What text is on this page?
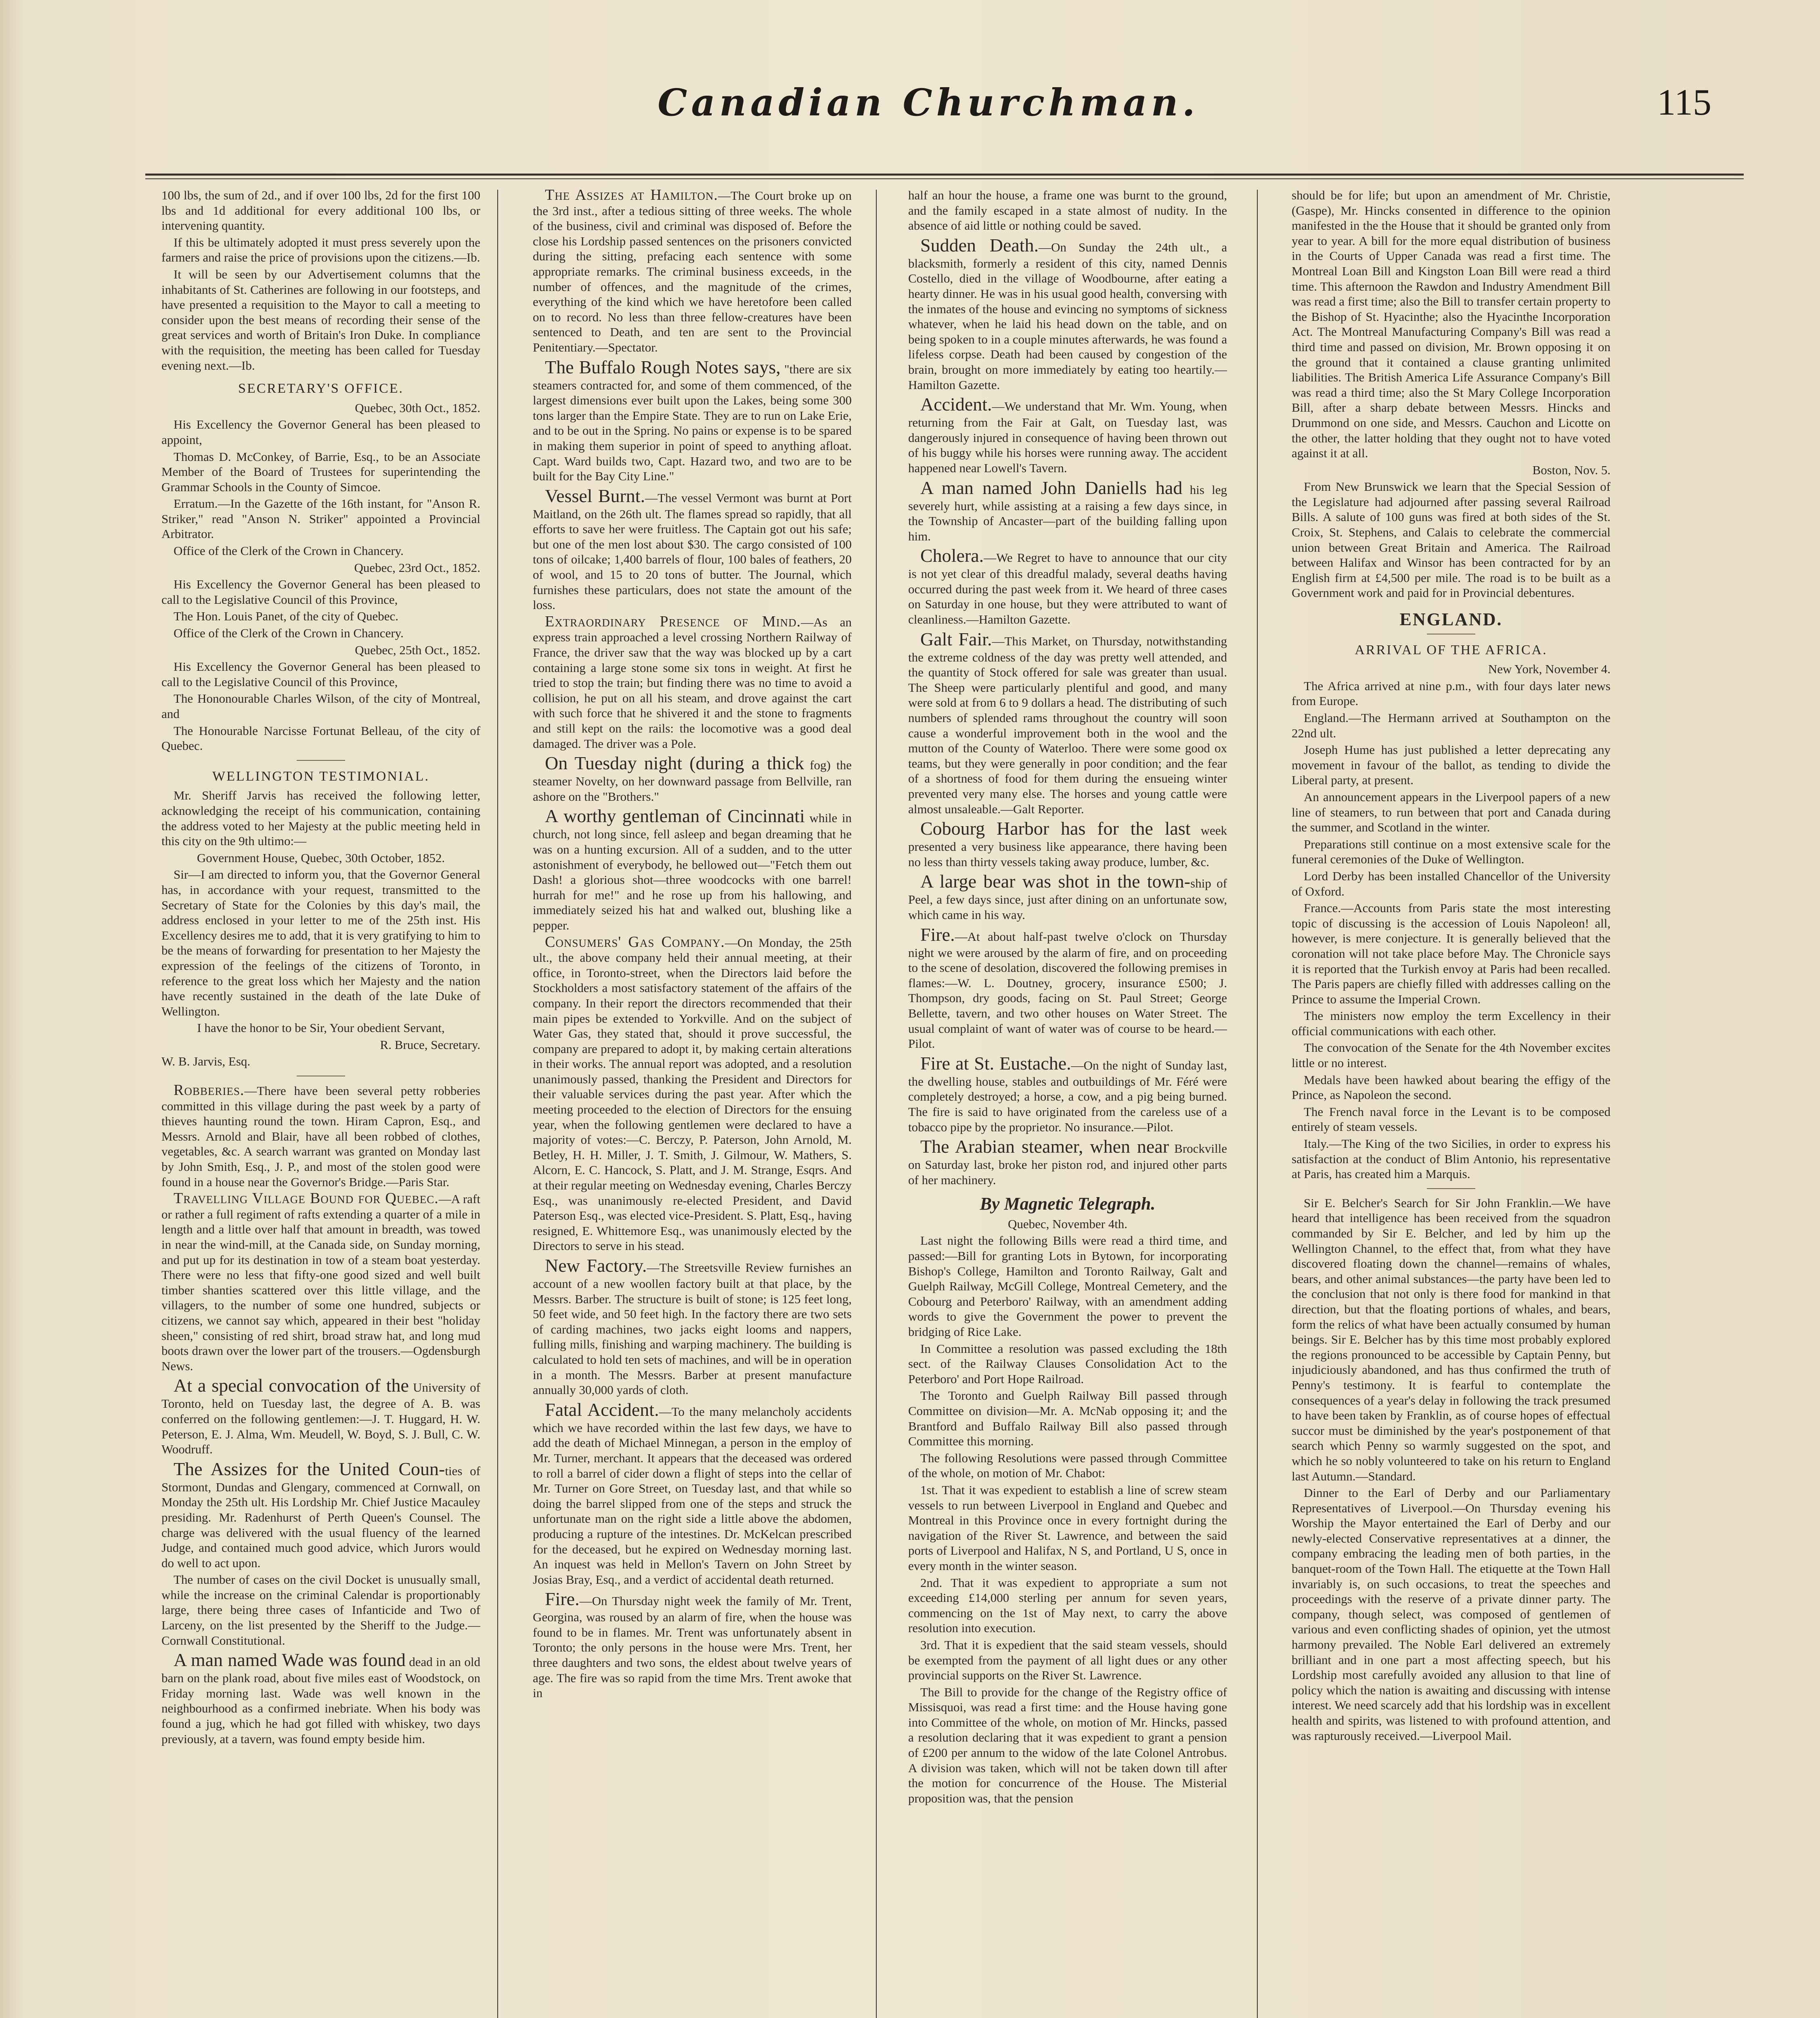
Canadian Churchman.	115

100 lbs, the sum of 2d., and if over 100 lbs, 2d for the first 100 lbs and 1d additional for every additional 100 lbs, or intervening quantity.

If this be ultimately adopted it must press severely upon the farmers and raise the price of provisions upon the citizens.—Ib.

It will be seen by our Advertisement columns that the inhabitants of St. Catherines are following in our footsteps, and have presented a requisition to the Mayor to call a meeting to consider upon the best means of recording their sense of the great services and worth of Britain's Iron Duke. In compliance with the requisition, the meeting has been called for Tuesday evening next.—Ib.

SECRETARY'S OFFICE.

Quebec, 30th Oct., 1852.

His Excellency the Governor General has been pleased to appoint,

Thomas D. McConkey, of Barrie, Esq., to be an Associate Member of the Board of Trustees for superintending the Grammar Schools in the County of Simcoe.

Erratum.—In the Gazette of the 16th instant, for "Anson R. Striker," read "Anson N. Striker" appointed a Provincial Arbitrator.

Office of the Clerk of the Crown in Chancery.

Quebec, 23rd Oct., 1852.

His Excellency the Governor General has been pleased to call to the Legislative Council of this Province,

The Hon. Louis Panet, of the city of Quebec.

Office of the Clerk of the Crown in Chancery.

Quebec, 25th Oct., 1852.

His Excellency the Governor General has been pleased to call to the Legislative Council of this Province,

The Hononourable Charles Wilson, of the city of Montreal, and

The Honourable Narcisse Fortunat Belleau, of the city of Quebec.

WELLINGTON TESTIMONIAL.

Mr. Sheriff Jarvis has received the following letter, acknowledging the receipt of his communication, containing the address voted to her Majesty at the public meeting held in this city on the 9th ultimo:—

Government House, Quebec, 30th October, 1852.

Sir—I am directed to inform you, that the Governor General has, in accordance with your request, transmitted to the Secretary of State for the Colonies by this day's mail, the address enclosed in your letter to me of the 25th inst. His Excellency desires me to add, that it is very gratifying to him to be the means of forwarding for presentation to her Majesty the expression of the feelings of the citizens of Toronto, in reference to the great loss which her Majesty and the nation have recently sustained in the death of the late Duke of Wellington.

I have the honor to be Sir, Your obedient Servant,

R. Bruce, Secretary.

W. B. Jarvis, Esq.

Robberies.—There have been several petty robberies committed in this village during the past week by a party of thieves haunting round the town. Hiram Capron, Esq., and Messrs. Arnold and Blair, have all been robbed of clothes, vegetables, &c. A search warrant was granted on Monday last by John Smith, Esq., J. P., and most of the stolen good were found in a house near the Governor's Bridge.—Paris Star.

Travelling Village Bound for Quebec.—A raft or rather a full regiment of rafts extending a quarter of a mile in length and a little over half that amount in breadth, was towed in near the wind-mill, at the Canada side, on Sunday morning, and put up for its destination in tow of a steam boat yesterday. There were no less that fifty-one good sized and well built timber shanties scattered over this little village, and the villagers, to the number of some one hundred, subjects or citizens, we cannot say which, appeared in their best "holiday sheen," consisting of red shirt, broad straw hat, and long mud boots drawn over the lower part of the trousers.—Ogdensburgh News.

At a special convocation of the University of Toronto, held on Tuesday last, the degree of A. B. was conferred on the following gentlemen:—J. T. Huggard, H. W. Peterson, E. J. Alma, Wm. Meudell, W. Boyd, S. J. Bull, C. W. Woodruff.

The Assizes for the United Coun-ties of Stormont, Dundas and Glengary, commenced at Cornwall, on Monday the 25th ult. His Lordship Mr. Chief Justice Macauley presiding. Mr. Radenhurst of Perth Queen's Counsel. The charge was delivered with the usual fluency of the learned Judge, and contained much good advice, which Jurors would do well to act upon.

The number of cases on the civil Docket is unusually small, while the increase on the criminal Calendar is proportionably large, there being three cases of Infanticide and Two of Larceny, on the list presented by the Sheriff to the Judge.—Cornwall Constitutional.

A man named Wade was found dead in an old barn on the plank road, about five miles east of Woodstock, on Friday morning last. Wade was well known in the neighbourhood as a confirmed inebriate. When his body was found a jug, which he had got filled with whiskey, two days previously, at a tavern, was found empty beside him.

The Assizes at Hamilton.—The Court broke up on the 3rd inst., after a tedious sitting of three weeks. The whole of the business, civil and criminal was disposed of. Before the close his Lordship passed sentences on the prisoners convicted during the sitting, prefacing each sentence with some appropriate remarks. The criminal business exceeds, in the number of offences, and the magnitude of the crimes, everything of the kind which we have heretofore been called on to record. No less than three fellow-creatures have been sentenced to Death, and ten are sent to the Provincial Penitentiary.—Spectator.

The Buffalo Rough Notes says, "there are six steamers contracted for, and some of them commenced, of the largest dimensions ever built upon the Lakes, being some 300 tons larger than the Empire State. They are to run on Lake Erie, and to be out in the Spring. No pains or expense is to be spared in making them superior in point of speed to anything afloat. Capt. Ward builds two, Capt. Hazard two, and two are to be built for the Bay City Line."

Vessel Burnt.—The vessel Vermont was burnt at Port Maitland, on the 26th ult. The flames spread so rapidly, that all efforts to save her were fruitless. The Captain got out his safe; but one of the men lost about $30. The cargo consisted of 100 tons of oilcake; 1,400 barrels of flour, 100 bales of feathers, 20 of wool, and 15 to 20 tons of butter. The Journal, which furnishes these particulars, does not state the amount of the loss.

Extraordinary Presence of Mind.—As an express train approached a level crossing Northern Railway of France, the driver saw that the way was blocked up by a cart containing a large stone some six tons in weight. At first he tried to stop the train; but finding there was no time to avoid a collision, he put on all his steam, and drove against the cart with such force that he shivered it and the stone to fragments and still kept on the rails: the locomotive was a good deal damaged. The driver was a Pole.

On Tuesday night (during a thick fog) the steamer Novelty, on her downward passage from Bellville, ran ashore on the "Brothers."

A worthy gentleman of Cincinnati while in church, not long since, fell asleep and began dreaming that he was on a hunting excursion. All of a sudden, and to the utter astonishment of everybody, he bellowed out—"Fetch them out Dash! a glorious shot—three woodcocks with one barrel! hurrah for me!" and he rose up from his hallowing, and immediately seized his hat and walked out, blushing like a pepper.

Consumers' Gas Company.—On Monday, the 25th ult., the above company held their annual meeting, at their office, in Toronto-street, when the Directors laid before the Stockholders a most satisfactory statement of the affairs of the company. In their report the directors recommended that their main pipes be extended to Yorkville. And on the subject of Water Gas, they stated that, should it prove successful, the company are prepared to adopt it, by making certain alterations in their works. The annual report was adopted, and a resolution unanimously passed, thanking the President and Directors for their valuable services during the past year. After which the meeting proceeded to the election of Directors for the ensuing year, when the following gentlemen were declared to have a majority of votes:—C. Berczy, P. Paterson, John Arnold, M. Betley, H. H. Miller, J. T. Smith, J. Gilmour, W. Mathers, S. Alcorn, E. C. Hancock, S. Platt, and J. M. Strange, Esqrs. And at their regular meeting on Wednesday evening, Charles Berczy Esq., was unanimously re-elected President, and David Paterson Esq., was elected vice-President. S. Platt, Esq., having resigned, E. Whittemore Esq., was unanimously elected by the Directors to serve in his stead.

New Factory.—The Streetsville Review furnishes an account of a new woollen factory built at that place, by the Messrs. Barber. The structure is built of stone; is 125 feet long, 50 feet wide, and 50 feet high. In the factory there are two sets of carding machines, two jacks eight looms and nappers, fulling mills, finishing and warping machinery. The building is calculated to hold ten sets of machines, and will be in operation in a month. The Messrs. Barber at present manufacture annually 30,000 yards of cloth.

Fatal Accident.—To the many melancholy accidents which we have recorded within the last few days, we have to add the death of Michael Minnegan, a person in the employ of Mr. Turner, merchant. It appears that the deceased was ordered to roll a barrel of cider down a flight of steps into the cellar of Mr. Turner on Gore Street, on Tuesday last, and that while so doing the barrel slipped from one of the steps and struck the unfortunate man on the right side a little above the abdomen, producing a rupture of the intestines. Dr. McKelcan prescribed for the deceased, but he expired on Wednesday morning last. An inquest was held in Mellon's Tavern on John Street by Josias Bray, Esq., and a verdict of accidental death returned.

Fire.—On Thursday night week the family of Mr. Trent, Georgina, was roused by an alarm of fire, when the house was found to be in flames. Mr. Trent was unfortunately absent in Toronto; the only persons in the house were Mrs. Trent, her three daughters and two sons, the eldest about twelve years of age. The fire was so rapid from the time Mrs. Trent awoke that in

half an hour the house, a frame one was burnt to the ground, and the family escaped in a state almost of nudity. In the absence of aid little or nothing could be saved.

Sudden Death.—On Sunday the 24th ult., a blacksmith, formerly a resident of this city, named Dennis Costello, died in the village of Woodbourne, after eating a hearty dinner. He was in his usual good health, conversing with the inmates of the house and evincing no symptoms of sickness whatever, when he laid his head down on the table, and on being spoken to in a couple minutes afterwards, he was found a lifeless corpse. Death had been caused by congestion of the brain, brought on more immediately by eating too heartily.—Hamilton Gazette.

Accident.—We understand that Mr. Wm. Young, when returning from the Fair at Galt, on Tuesday last, was dangerously injured in consequence of having been thrown out of his buggy while his horses were running away. The accident happened near Lowell's Tavern.

A man named John Daniells had his leg severely hurt, while assisting at a raising a few days since, in the Township of Ancaster—part of the building falling upon him.

Cholera.—We Regret to have to announce that our city is not yet clear of this dreadful malady, several deaths having occurred during the past week from it. We heard of three cases on Saturday in one house, but they were attributed to want of cleanliness.—Hamilton Gazette.

Galt Fair.—This Market, on Thursday, notwithstanding the extreme coldness of the day was pretty well attended, and the quantity of Stock offered for sale was greater than usual. The Sheep were particularly plentiful and good, and many were sold at from 6 to 9 dollars a head. The distributing of such numbers of splended rams throughout the country will soon cause a wonderful improvement both in the wool and the mutton of the County of Waterloo. There were some good ox teams, but they were generally in poor condition; and the fear of a shortness of food for them during the ensueing winter prevented very many else. The horses and young cattle were almost unsaleable.—Galt Reporter.

Cobourg Harbor has for the last week presented a very business like appearance, there having been no less than thirty vessels taking away produce, lumber, &c.

A large bear was shot in the town-ship of Peel, a few days since, just after dining on an unfortunate sow, which came in his way.

Fire.—At about half-past twelve o'clock on Thursday night we were aroused by the alarm of fire, and on proceeding to the scene of desolation, discovered the following premises in flames:—W. L. Doutney, grocery, insurance £500; J. Thompson, dry goods, facing on St. Paul Street; George Bellette, tavern, and two other houses on Water Street. The usual complaint of want of water was of course to be heard.—Pilot.

Fire at St. Eustache.—On the night of Sunday last, the dwelling house, stables and outbuildings of Mr. Féré were completely destroyed; a horse, a cow, and a pig being burned. The fire is said to have originated from the careless use of a tobacco pipe by the proprietor. No insurance.—Pilot.

The Arabian steamer, when near Brockville on Saturday last, broke her piston rod, and injured other parts of her machinery.

By Magnetic Telegraph.

Quebec, November 4th.

Last night the following Bills were read a third time, and passed:—Bill for granting Lots in Bytown, for incorporating Bishop's College, Hamilton and Toronto Railway, Galt and Guelph Railway, McGill College, Montreal Cemetery, and the Cobourg and Peterboro' Railway, with an amendment adding words to give the Government the power to prevent the bridging of Rice Lake.

In Committee a resolution was passed excluding the 18th sect. of the Railway Clauses Consolidation Act to the Peterboro' and Port Hope Railroad.

The Toronto and Guelph Railway Bill passed through Committee on division—Mr. A. McNab opposing it; and the Brantford and Buffalo Railway Bill also passed through Committee this morning.

The following Resolutions were passed through Committee of the whole, on motion of Mr. Chabot:

1st. That it was expedient to establish a line of screw steam vessels to run between Liverpool in England and Quebec and Montreal in this Province once in every fortnight during the navigation of the River St. Lawrence, and between the said ports of Liverpool and Halifax, N S, and Portland, U S, once in every month in the winter season.

2nd. That it was expedient to appropriate a sum not exceeding £14,000 sterling per annum for seven years, commencing on the 1st of May next, to carry the above resolution into execution.

3rd. That it is expedient that the said steam vessels, should be exempted from the payment of all light dues or any other provincial supports on the River St. Lawrence.

The Bill to provide for the change of the Registry office of Missisquoi, was read a first time: and the House having gone into Committee of the whole, on motion of Mr. Hincks, passed a resolution declaring that it was expedient to grant a pension of £200 per annum to the widow of the late Colonel Antrobus. A division was taken, which will not be taken down till after the motion for concurrence of the House. The Misterial proposition was, that the pension

should be for life; but upon an amendment of Mr. Christie, (Gaspe), Mr. Hincks consented in difference to the opinion manifested in the the House that it should be granted only from year to year. A bill for the more equal distribution of business in the Courts of Upper Canada was read a first time. The Montreal Loan Bill and Kingston Loan Bill were read a third time. This afternoon the Rawdon and Industry Amendment Bill was read a first time; also the Bill to transfer certain property to the Bishop of St. Hyacinthe; also the Hyacinthe Incorporation Act. The Montreal Manufacturing Company's Bill was read a third time and passed on division, Mr. Brown opposing it on the ground that it contained a clause granting unlimited liabilities. The British America Life Assurance Company's Bill was read a third time; also the St Mary College Incorporation Bill, after a sharp debate between Messrs. Hincks and Drummond on one side, and Messrs. Cauchon and Licotte on the other, the latter holding that they ought not to have voted against it at all.

Boston, Nov. 5.

From New Brunswick we learn that the Special Session of the Legislature had adjourned after passing several Railroad Bills. A salute of 100 guns was fired at both sides of the St. Croix, St. Stephens, and Calais to celebrate the commercial union between Great Britain and America. The Railroad between Halifax and Winsor has been contracted for by an English firm at £4,500 per mile. The road is to be built as a Government work and paid for in Provincial debentures.

ENGLAND.

ARRIVAL OF THE AFRICA.

New York, November 4.

The Africa arrived at nine p.m., with four days later news from Europe.

England.—The Hermann arrived at Southampton on the 22nd ult.

Joseph Hume has just published a letter deprecating any movement in favour of the ballot, as tending to divide the Liberal party, at present.

An announcement appears in the Liverpool papers of a new line of steamers, to run between that port and Canada during the summer, and Scotland in the winter.

Preparations still continue on a most extensive scale for the funeral ceremonies of the Duke of Wellington.

Lord Derby has been installed Chancellor of the University of Oxford.

France.—Accounts from Paris state the most interesting topic of discussing is the accession of Louis Napoleon! all, however, is mere conjecture. It is generally believed that the coronation will not take place before May. The Chronicle says it is reported that the Turkish envoy at Paris had been recalled. The Paris papers are chiefly filled with addresses calling on the Prince to assume the Imperial Crown.

The ministers now employ the term Excellency in their official communications with each other.

The convocation of the Senate for the 4th November excites little or no interest.

Medals have been hawked about bearing the effigy of the Prince, as Napoleon the second.

The French naval force in the Levant is to be composed entirely of steam vessels.

Italy.—The King of the two Sicilies, in order to express his satisfaction at the conduct of Blim Antonio, his representative at Paris, has created him a Marquis.

Sir E. Belcher's Search for Sir John Franklin.—We have heard that intelligence has been received from the squadron commanded by Sir E. Belcher, and led by him up the Wellington Channel, to the effect that, from what they have discovered floating down the channel—remains of whales, bears, and other animal substances—the party have been led to the conclusion that not only is there food for mankind in that direction, but that the floating portions of whales, and bears, form the relics of what have been actually consumed by human beings. Sir E. Belcher has by this time most probably explored the regions pronounced to be accessible by Captain Penny, but injudiciously abandoned, and has thus confirmed the truth of Penny's testimony. It is fearful to contemplate the consequences of a year's delay in following the track presumed to have been taken by Franklin, as of course hopes of effectual succor must be diminished by the year's postponement of that search which Penny so warmly suggested on the spot, and which he so nobly volunteered to take on his return to England last Autumn.—Standard.

Dinner to the Earl of Derby and our Parliamentary Representatives of Liverpool.—On Thursday evening his Worship the Mayor entertained the Earl of Derby and our newly-elected Conservative representatives at a dinner, the company embracing the leading men of both parties, in the banquet-room of the Town Hall. The etiquette at the Town Hall invariably is, on such occasions, to treat the speeches and proceedings with the reserve of a private dinner party. The company, though select, was composed of gentlemen of various and even conflicting shades of opinion, yet the utmost harmony prevailed. The Noble Earl delivered an extremely brilliant and in one part a most affecting speech, but his Lordship most carefully avoided any allusion to that line of policy which the nation is awaiting and discussing with intense interest. We need scarcely add that his lordship was in excellent health and spirits, was listened to with profound attention, and was rapturously received.—Liverpool Mail.
